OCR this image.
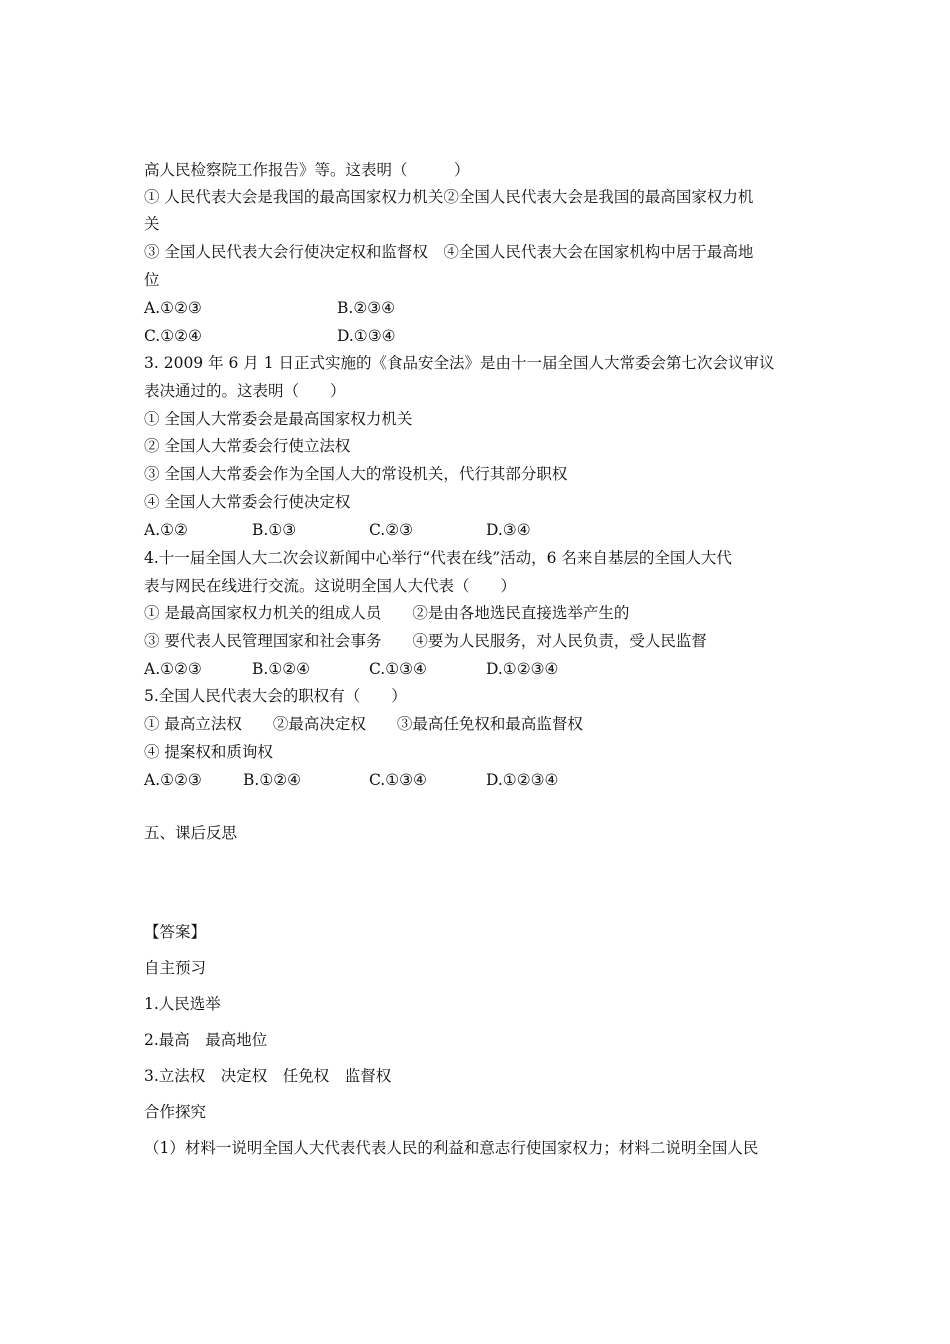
高人民检察院工作报告》等。这表明（　　　）
① 人民代表大会是我国的最高国家权力机关②全国人民代表大会是我国的最高国家权力机
关
③ 全国人民代表大会行使决定权和监督权　④全国人民代表大会在国家机构中居于最高地
位
A.①②③	B.②③④
C.①②④	D.①③④
3. 2009 年 6 月 1 日正式实施的《食品安全法》是由十一届全国人大常委会第七次会议审议
表决通过的。这表明（　　）
① 全国人大常委会是最高国家权力机关
② 全国人大常委会行使立法权
③ 全国人大常委会作为全国人大的常设机关，代行其部分职权
④ 全国人大常委会行使决定权
A.①②	B.①③	C.②③	D.③④
4.十一届全国人大二次会议新闻中心举行“代表在线”活动，6 名来自基层的全国人大代
表与网民在线进行交流。这说明全国人大代表（　　）
① 是最高国家权力机关的组成人员　　②是由各地选民直接选举产生的
③ 要代表人民管理国家和社会事务　　④要为人民服务，对人民负责，受人民监督
A.①②③	B.①②④	C.①③④	D.①②③④
5.全国人民代表大会的职权有（　　）
① 最高立法权　　②最高决定权　　③最高任免权和最高监督权
④ 提案权和质询权
A.①②③	B.①②④	C.①③④	D.①②③④
五、课后反思
【答案】
自主预习
1.人民选举
2.最高　最高地位
3.立法权　决定权　任免权　监督权
合作探究
（1）材料一说明全国人大代表代表人民的利益和意志行使国家权力；材料二说明全国人民
